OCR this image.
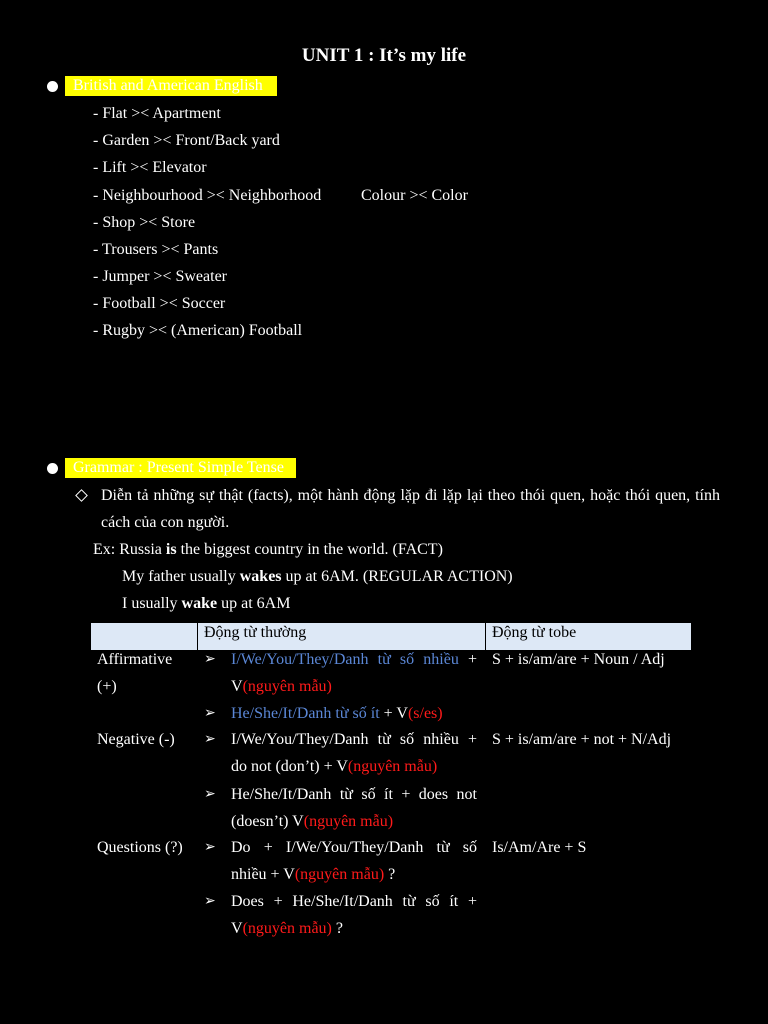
UNIT 1 : It’s my life
British and American English
- Flat >< Apartment
- Garden >< Front/Back yard
- Lift >< Elevator
- Neighbourhood >< Neighborhood Colour >< Color
- Shop >< Store
- Trousers >< Pants
- Jumper >< Sweater
- Football >< Soccer
- Rugby >< (American) Football
Grammar : Present Simple Tense
Diễn tả những sự thật (facts), một hành động lặp đi lặp lại theo thói quen, hoặc thói quen, tính cách của con người.
Ex: Russia is the biggest country in the world. (FACT)
My father usually wakes up at 6AM. (REGULAR ACTION)
I usually wake up at 6AM
Động từ thường	Động từ tobe
Affirmative
(+)
➢ I/We/You/They/Danh từ số nhiều +
V(nguyên mẫu)
➢ He/She/It/Danh từ số ít + V(s/es)
S + is/am/are + Noun / Adj
Negative (-) ➢ I/We/You/They/Danh từ số nhiều +
do not (don’t) + V(nguyên mẫu)
➢ He/She/It/Danh từ số ít + does not
(doesn’t) V(nguyên mẫu)
S + is/am/are + not + N/Adj
Questions (?) ➢ Do + I/We/You/They/Danh từ số
nhiều + V(nguyên mẫu) ?
➢ Does + He/She/It/Danh từ số ít +
V(nguyên mẫu) ?
Is/Am/Are + S
